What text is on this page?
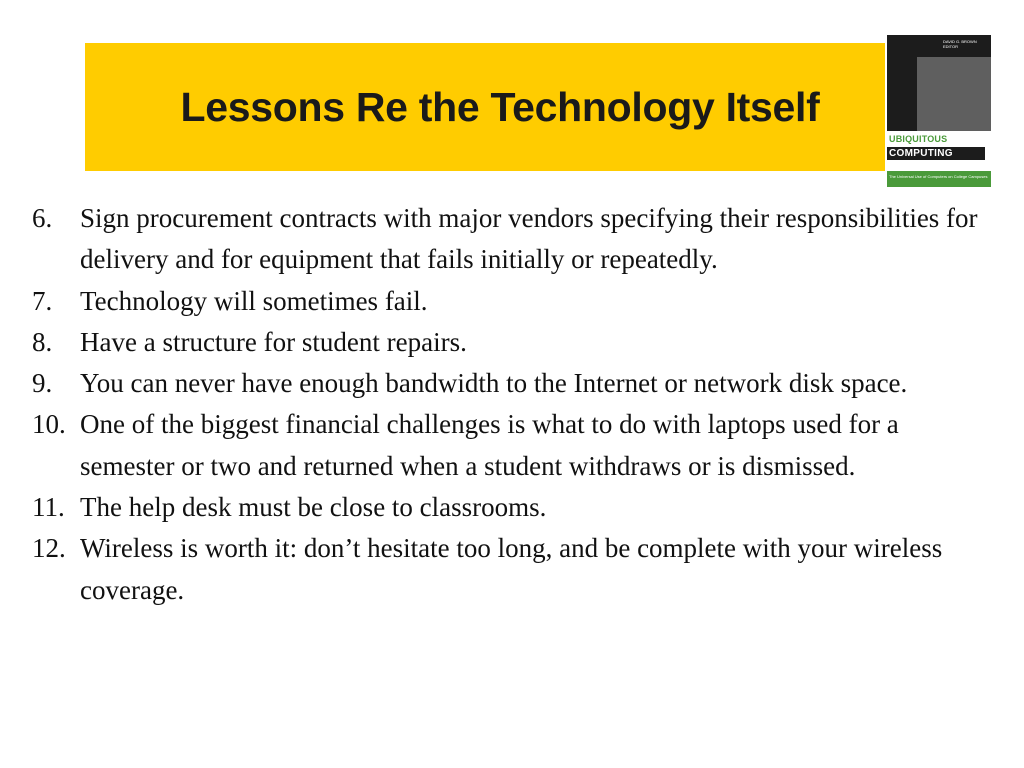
Lessons Re the Technology Itself
DAVID G. BROWN EDITOR
UBIQUITOUS
COMPUTING
The Universal Use of Computers on College Campuses
6.	Sign procurement contracts with major vendors specifying their responsibilities for delivery and for equipment that fails initially or repeatedly.
7.	Technology will sometimes fail.
8.	Have a structure for student repairs.
9.	You can never have enough bandwidth to the Internet or network disk space.
10. One of the biggest financial challenges is what to do with laptops used for a semester or two and returned when a student withdraws or is dismissed.
11. The help desk must be close to classrooms.
12. Wireless is worth it: don’t hesitate too long, and be complete with your wireless coverage.
